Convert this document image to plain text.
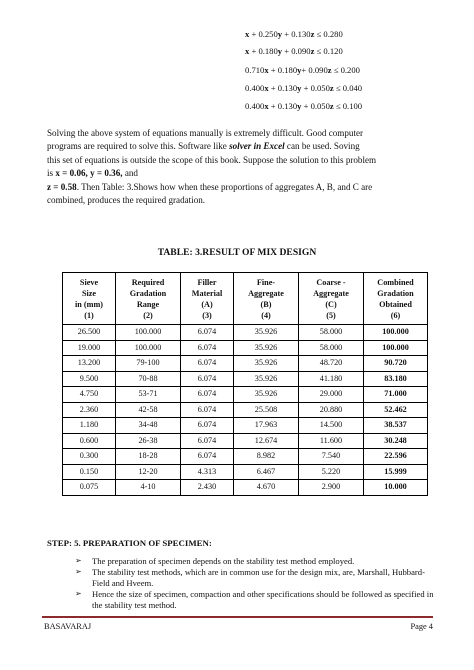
x + 0.250y + 0.130z ≤ 0.280
x + 0.180y + 0.090z ≤ 0.120
0.710x + 0.180y+ 0.090z ≤ 0.200
0.400x + 0.130y + 0.050z ≤ 0.040
0.400x + 0.130y + 0.050z ≤ 0.100

Solving the above system of equations manually is extremely difficult. Good computer

programs are required to solve this. Software like solver in Excel can be used. Soving

this set of equations is outside the scope of this book. Suppose the solution to this problem

is x = 0.06, y = 0.36, and

z = 0.58. Then Table: 3.Shows how when these proportions of aggregates A, B, and C are

combined, produces the required gradation.

TABLE: 3.RESULT OF MIX DESIGN
Sieve
Size
in (mm)
(1)	Required
Gradation
Range
(2)	Filler
Material
(A)
(3)	Fine-
Aggregate
(B)
(4)	Coarse -
Aggregate
(C)
(5)	Combined
Gradation
Obtained
(6)
26.500	100.000	6.074	35.926	58.000	100.000
19.000	100.000	6.074	35.926	58.000	100.000
13.200	79-100	6.074	35.926	48.720	90.720
9.500	70-88	6.074	35.926	41.180	83.180
4.750	53-71	6.074	35.926	29.000	71.000
2.360	42-58	6.074	25.508	20.880	52.462
1.180	34-48	6.074	17.963	14.500	38.537
0.600	26-38	6.074	12.674	11.600	30.248
0.300	18-28	6.074	8.982	7.540	22.596
0.150	12-20	4.313	6.467	5.220	15.999
0.075	4-10	2.430	4.670	2.900	10.000
STEP: 5. PREPARATION OF SPECIMEN:
➢ The preparation of specimen depends on the stability test method employed.
➢ The stability test methods, which are in common use for the design mix, are, Marshall, Hubbard- Field and Hveem.
➢ Hence the size of specimen, compaction and other specifications should be followed as specified in the stability test method.
BASAVARAJ	Page 4
